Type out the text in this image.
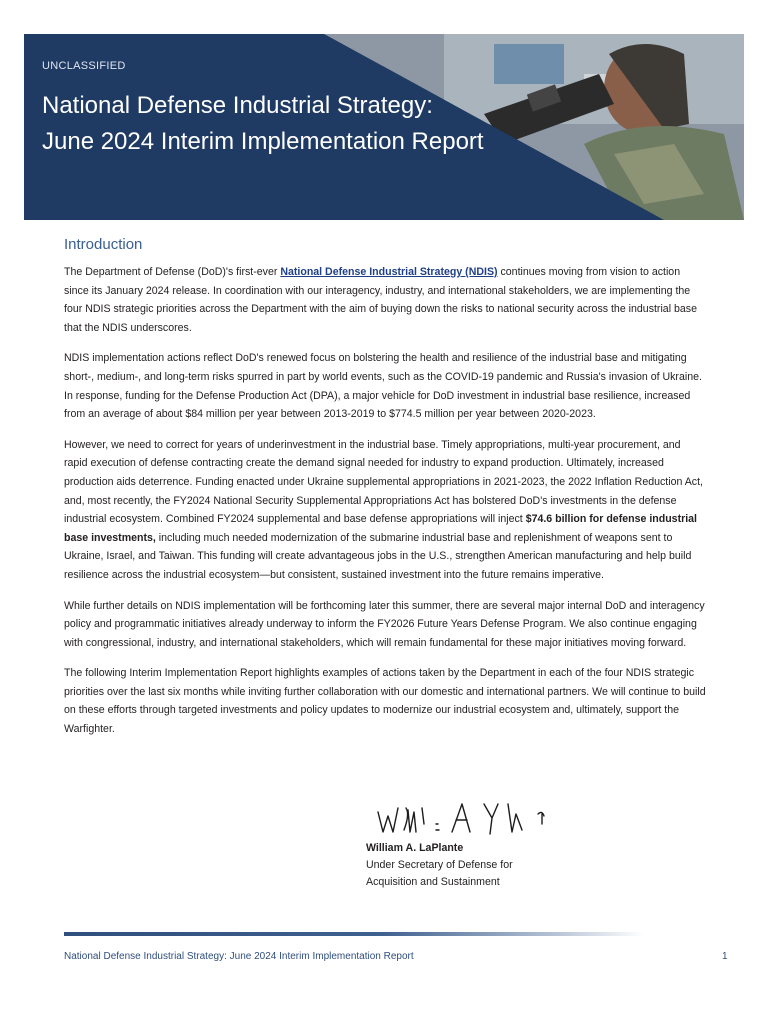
UNCLASSIFIED
National Defense Industrial Strategy:
June 2024 Interim Implementation Report
Introduction

The Department of Defense (DoD)'s first-ever National Defense Industrial Strategy (NDIS) continues moving from vision to action since its January 2024 release. In coordination with our interagency, industry, and international stakeholders, we are implementing the four NDIS strategic priorities across the Department with the aim of buying down the risks to national security across the industrial base that the NDIS underscores.

NDIS implementation actions reflect DoD's renewed focus on bolstering the health and resilience of the industrial base and mitigating short-, medium-, and long-term risks spurred in part by world events, such as the COVID-19 pandemic and Russia's invasion of Ukraine. In response, funding for the Defense Production Act (DPA), a major vehicle for DoD investment in industrial base resilience, increased from an average of about $84 million per year between 2013-2019 to $774.5 million per year between 2020-2023.

However, we need to correct for years of underinvestment in the industrial base. Timely appropriations, multi-year procurement, and rapid execution of defense contracting create the demand signal needed for industry to expand production. Ultimately, increased production aids deterrence. Funding enacted under Ukraine supplemental appropriations in 2021-2023, the 2022 Inflation Reduction Act, and, most recently, the FY2024 National Security Supplemental Appropriations Act has bolstered DoD's investments in the defense industrial ecosystem. Combined FY2024 supplemental and base defense appropriations will inject $74.6 billion for defense industrial base investments, including much needed modernization of the submarine industrial base and replenishment of weapons sent to Ukraine, Israel, and Taiwan. This funding will create advantageous jobs in the U.S., strengthen American manufacturing and help build resilience across the industrial ecosystem—but consistent, sustained investment into the future remains imperative.

While further details on NDIS implementation will be forthcoming later this summer, there are several major internal DoD and interagency policy and programmatic initiatives already underway to inform the FY2026 Future Years Defense Program. We also continue engaging with congressional, industry, and international stakeholders, which will remain fundamental for these major initiatives moving forward.

The following Interim Implementation Report highlights examples of actions taken by the Department in each of the four NDIS strategic priorities over the last six months while inviting further collaboration with our domestic and international partners. We will continue to build on these efforts through targeted investments and policy updates to modernize our industrial ecosystem and, ultimately, support the Warfighter.

William A. LaPlante
Under Secretary of Defense for
Acquisition and Sustainment
National Defense Industrial Strategy: June 2024 Interim Implementation Report	1
